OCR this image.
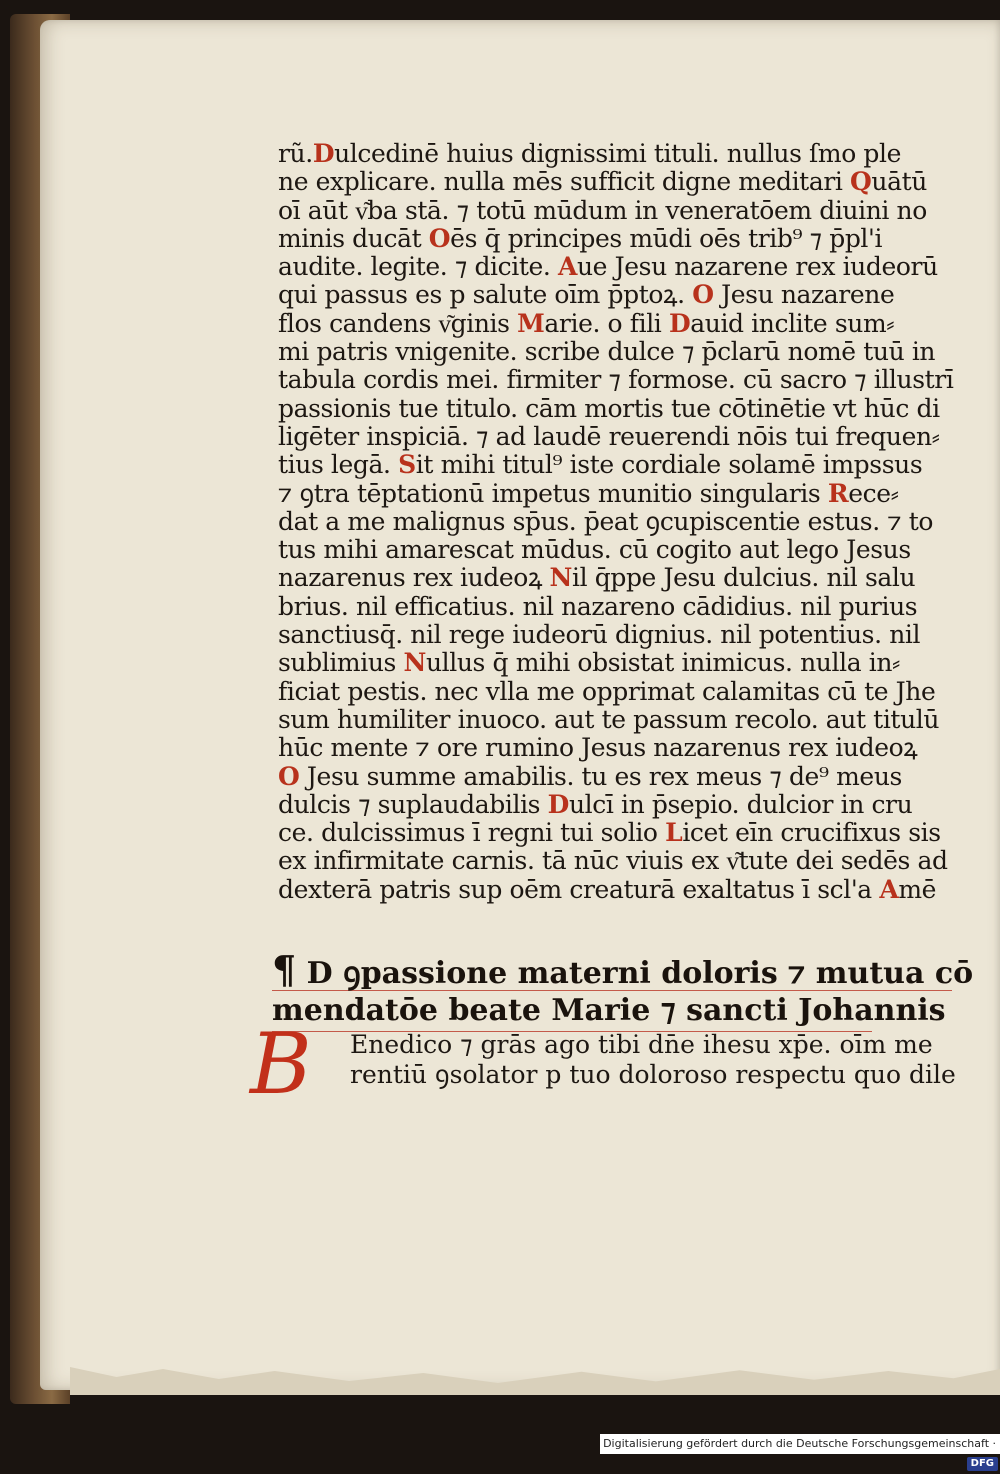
rũ.Dulcedinē huius dignissimi tituli. nullus ſmo ple
ne explicare. nulla mēs sufficit digne meditari Quātū
oī aūt v͂ba stā. ⁊ totū mūdum in veneratōem diuini no
minis ducāt Oēs q̄ principes mūdi oēs trib⁹ ⁊ p̄pl'i
audite. legite. ⁊ dicite. Aue Jesu nazarene rex iudeorū
qui passus es p salute oīm p̄ptoꝝ. O Jesu nazarene
flos candens v͂ginis Marie. o fili Dauid inclite sum⸗
mi patris vnigenite. scribe dulce ⁊ p̄clarū nomē tuū in
tabula cordis mei. firmiter ⁊ formose. cū sacro ⁊ illustrī
passionis tue titulo. cām mortis tue cōtinētie vt hūc di
ligēter inspiciā. ⁊ ad laudē reuerendi nōis tui frequen⸗
tius legā. Sit mihi titul⁹ iste cordiale solamē impssus
⁊ ꝯtra tēptationū impetus munitio singularis Rece⸗
dat a me malignus sp̄us. p̄eat ꝯcupiscentie estus. ⁊ to
tus mihi amarescat mūdus. cū cogito aut lego Jesus
nazarenus rex iudeoꝝ Nil q̄ppe Jesu dulcius. nil salu
brius. nil efficatius. nil nazareno cādidius. nil purius
sanctiusq̄. nil rege iudeorū dignius. nil potentius. nil
sublimius Nullus q̄ mihi obsistat inimicus. nulla in⸗
ficiat pestis. nec vlla me opprimat calamitas cū te Jhe
sum humiliter inuoco. aut te passum recolo. aut titulū
hūc mente ⁊ ore rumino Jesus nazarenus rex iudeoꝝ
O Jesu summe amabilis. tu es rex meus ⁊ de⁹ meus
dulcis ⁊ suplaudabilis Dulcī in p̄sepio. dulcior in cru
ce. dulcissimus ī regni tui solio Licet eīn crucifixus sis
ex infirmitate carnis. tā nūc viuis ex v͂tute dei sedēs ad
dexterā patris sup oēm creaturā exaltatus ī scl'a Amē
¶ D ꝯpassione materni doloris ⁊ mutua cō
mendatōe beate Marie ⁊ sancti Johannis
B Enedico ⁊ grās ago tibi dn̄e ihesu xp̄e. oīm me
rentiū ꝯsolator p tuo doloroso respectu quo dile
Digitalisierung gefördert durch die Deutsche Forschungsgemeinschaft ·DFG
